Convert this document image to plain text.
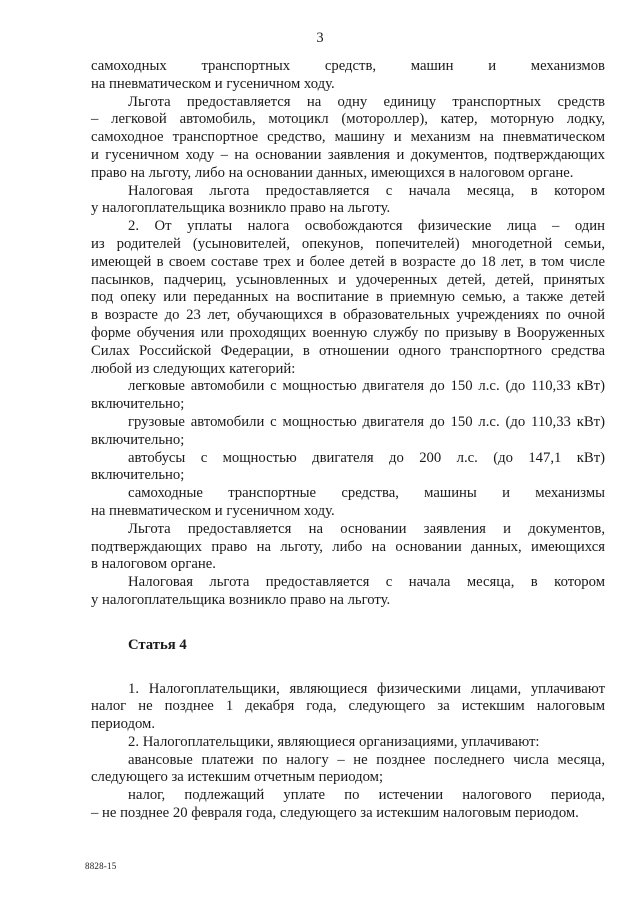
3

самоходных транспортных средств, машин и механизмов

на пневматическом и гусеничном ходу.

Льгота предоставляется на одну единицу транспортных средств

– легковой автомобиль, мотоцикл (мотороллер), катер, моторную лодку,

самоходное транспортное средство, машину и механизм на пневматическом

и гусеничном ходу – на основании заявления и документов, подтверждающих

право на льготу, либо на основании данных, имеющихся в налоговом органе.

Налоговая льгота предоставляется с начала месяца, в котором

у налогоплательщика возникло право на льготу.

2. От уплаты налога освобождаются физические лица – один

из родителей (усыновителей, опекунов, попечителей) многодетной семьи,

имеющей в своем составе трех и более детей в возрасте до 18 лет, в том числе

пасынков, падчериц, усыновленных и удочеренных детей, детей, принятых

под опеку или переданных на воспитание в приемную семью, а также детей

в возрасте до 23 лет, обучающихся в образовательных учреждениях по очной

форме обучения или проходящих военную службу по призыву в Вооруженных

Силах Российской Федерации, в отношении одного транспортного средства

любой из следующих категорий:

легковые автомобили с мощностью двигателя до 150 л.с. (до 110,33 кВт)

включительно;

грузовые автомобили с мощностью двигателя до 150 л.с. (до 110,33 кВт)

включительно;

автобусы с мощностью двигателя до 200 л.с. (до 147,1 кВт)

включительно;

самоходные транспортные средства, машины и механизмы

на пневматическом и гусеничном ходу.

Льгота предоставляется на основании заявления и документов,

подтверждающих право на льготу, либо на основании данных, имеющихся

в налоговом органе.

Налоговая льгота предоставляется с начала месяца, в котором

у налогоплательщика возникло право на льготу.

Статья 4

1. Налогоплательщики, являющиеся физическими лицами, уплачивают

налог не позднее 1 декабря года, следующего за истекшим налоговым

периодом.

2. Налогоплательщики, являющиеся организациями, уплачивают:

авансовые платежи по налогу – не позднее последнего числа месяца,

следующего за истекшим отчетным периодом;

налог, подлежащий уплате по истечении налогового периода,

– не позднее 20 февраля года, следующего за истекшим налоговым периодом.

8828-15
